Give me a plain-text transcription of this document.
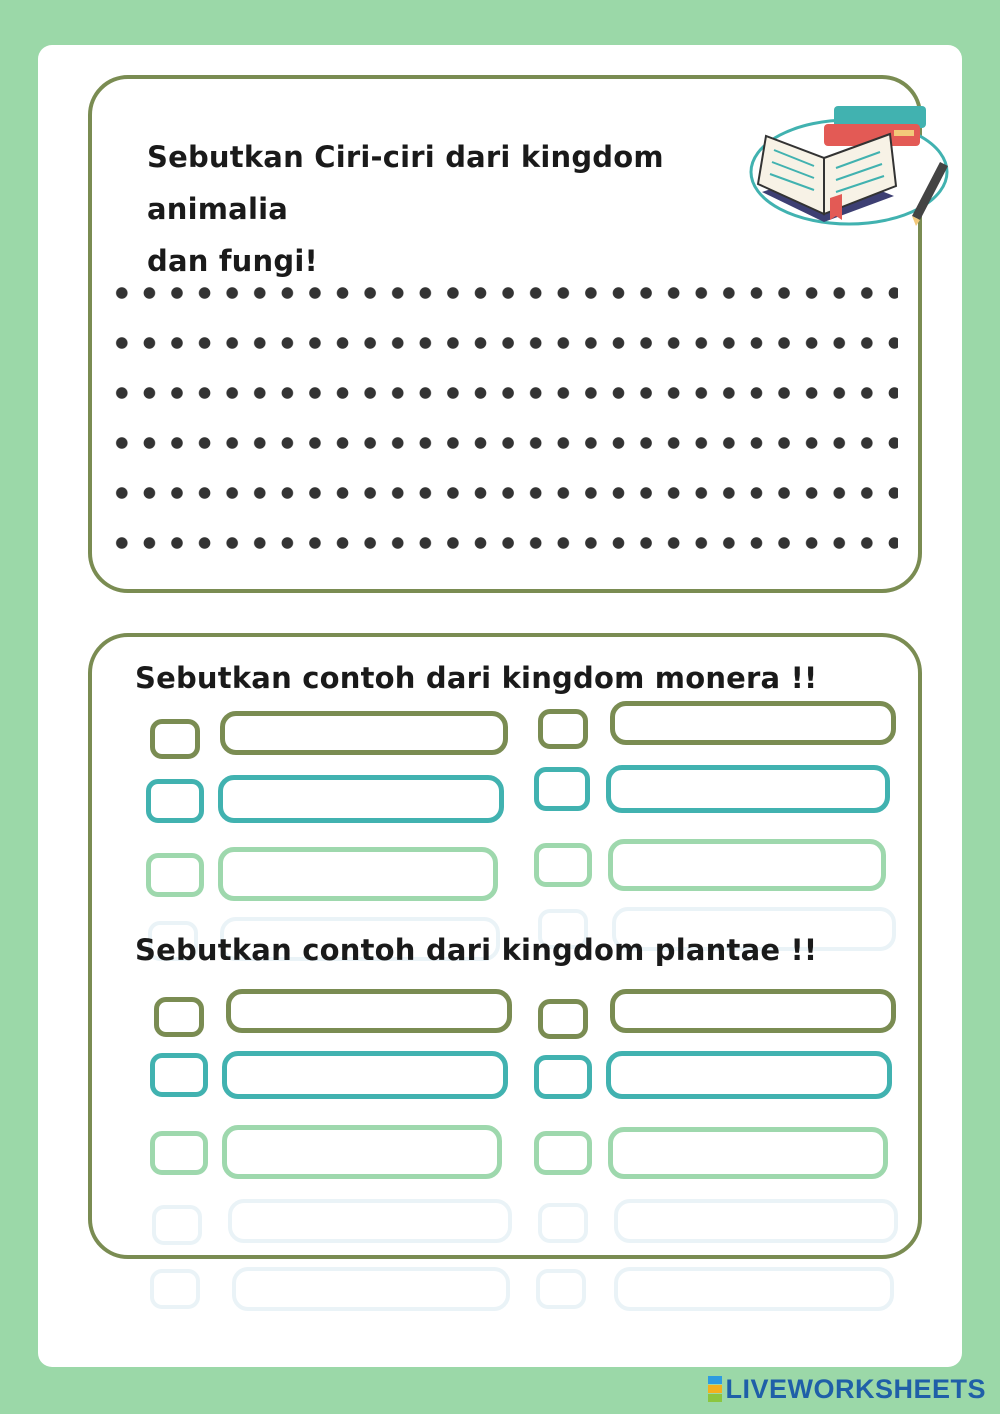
Sebutkan Ciri-ciri dari kingdom animalia
dan fungi!

Sebutkan contoh dari kingdom monera !!

Sebutkan contoh dari kingdom plantae !!

LIVEWORKSHEETS
